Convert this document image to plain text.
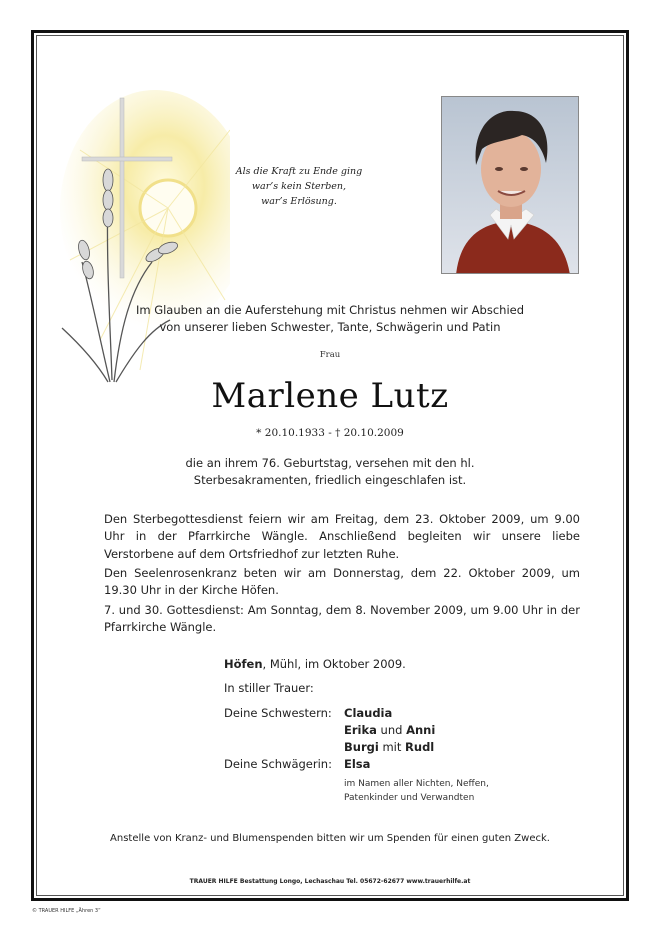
Als die Kraft zu Ende ging
war’s kein Sterben,
war’s Erlösung.
Im Glauben an die Auferstehung mit Christus nehmen wir Abschied
von unserer lieben Schwester, Tante, Schwägerin und Patin
Frau
Marlene Lutz
* 20.10.1933 - † 20.10.2009
die an ihrem 76. Geburtstag, versehen mit den hl.
Sterbesakramenten, friedlich eingeschlafen ist.

Den Sterbegottesdienst feiern wir am Freitag, dem 23. Oktober 2009, um 9.00 Uhr in der Pfarrkirche Wängle. Anschließend begleiten wir unsere liebe Verstorbene auf dem Ortsfriedhof zur letzten Ruhe.

Den Seelenrosenkranz beten wir am Donnerstag, dem 22. Oktober 2009, um 19.30 Uhr in der Kirche Höfen.

7. und 30. Gottesdienst: Am Sonntag, dem 8. November 2009, um 9.00 Uhr in der Pfarrkirche Wängle.

Höfen, Mühl, im Oktober 2009.
In stiller Trauer:
Deine Schwestern:	Claudia
Erika und Anni
Burgi mit Rudl
Deine Schwägerin:	Elsa
im Namen aller Nichten, Neffen,
Patenkinder und Verwandten
Anstelle von Kranz- und Blumenspenden bitten wir um Spenden für einen guten Zweck.
TRAUER HILFE Bestattung Longo, Lechaschau Tel. 05672-62677 www.trauerhilfe.at
© TRAUER HILFE „Ähren 3“
